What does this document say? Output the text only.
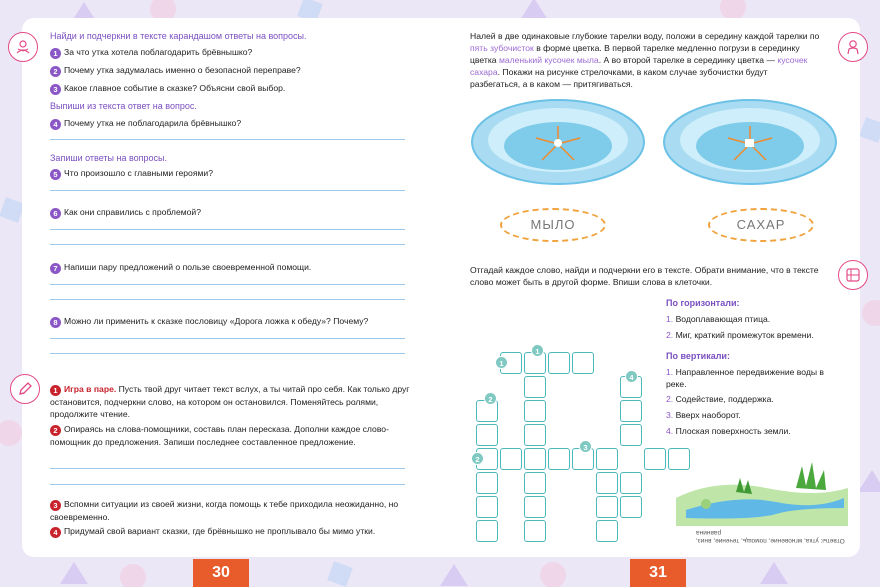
Найди и подчеркни в тексте карандашом ответы на вопросы.
1 За что утка хотела поблагодарить брёвнышко?
2 Почему утка задумалась именно о безопасной переправе?
3 Какое главное событие в сказке? Объясни свой выбор.
Выпиши из текста ответ на вопрос.
4 Почему утка не поблагодарила брёвнышко?
Запиши ответы на вопросы.
5 Что произошло с главными героями?
6 Как они справились с проблемой?
7 Напиши пару предложений о пользе своевременной помощи.
8 Можно ли применить к сказке пословицу «Дорога ложка к обеду»? Почему?
1 Игра в паре. Пусть твой друг читает текст вслух, а ты читай про себя. Как только друг остановится, подчеркни слово, на котором он остановился. Поменяйтесь ролями, продолжите чтение.
2 Опираясь на слова-помощники, составь план пересказа. Дополни каждое слово-помощник до предложения. Запиши последнее составленное предложение.
3 Вспомни ситуации из своей жизни, когда помощь к тебе приходила неожиданно, но своевременно.
4 Придумай свой вариант сказки, где брёвнышко не проплывало бы мимо утки.
30
Налей в две одинаковые глубокие тарелки воду, положи в середину каждой тарелки по пять зубочисток в форме цветка. В первой тарелке медленно погрузи в серединку цветка маленький кусочек мыла. А во второй тарелке в серединку цветка — кусочек сахара. Покажи на рисунке стрелочками, в каком случае зубочистки будут разбегаться, а в каком — притягиваться.
МЫЛО	САХАР
Отгадай каждое слово, найди и подчеркни его в тексте. Обрати внимание, что в тексте слово может быть в другой форме. Впиши слова в клеточки.
1
1
2
2
3
4
По горизонтали:
1. Водоплавающая птица.
2. Миг, краткий промежуток времени.
По вертикали:
1. Направленное передвижение воды в реке.
2. Содействие, поддержка.
3. Вверх наоборот.
4. Плоская поверхность земли.
Ответы: утка, мгновение, помощь, течение, вниз, равнина
31
